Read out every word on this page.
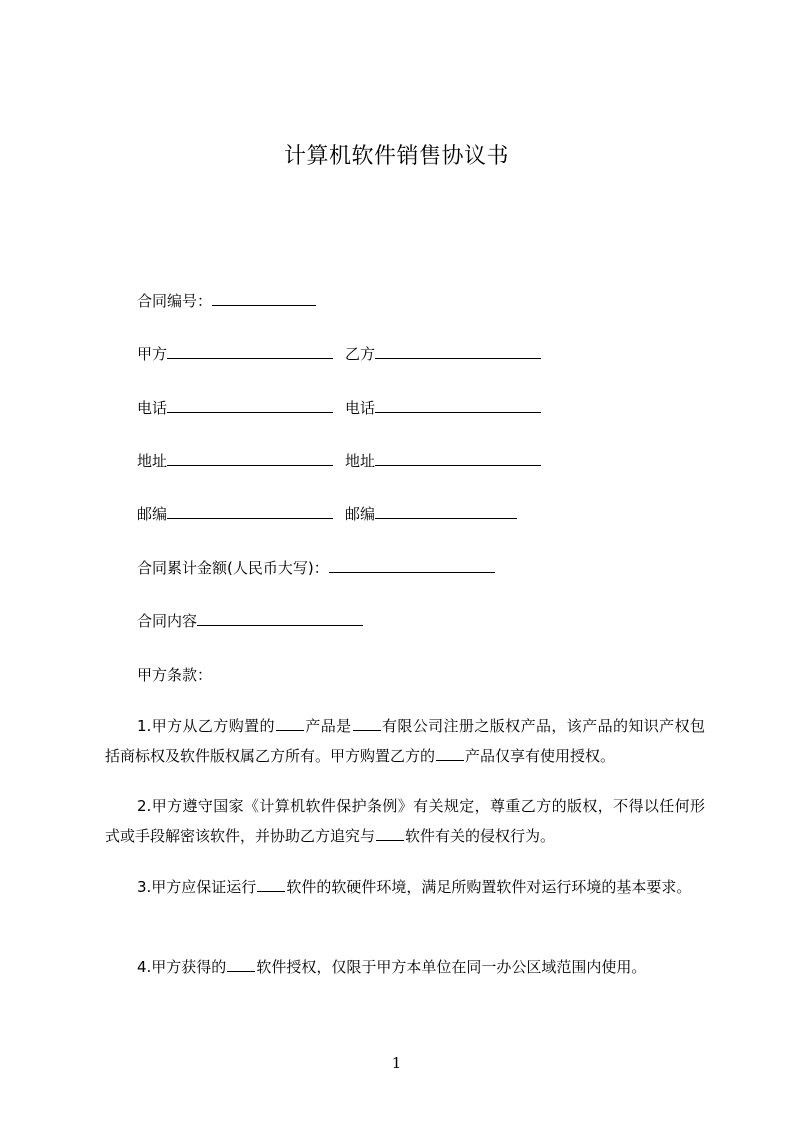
计算机软件销售协议书
合同编号：
甲方	乙方
电话	电话
地址	地址
邮编	邮编
合同累计金额(人民币大写)：
合同内容
甲方条款：
1.甲方从乙方购置的 产品是 有限公司注册之版权产品，该产品的知识产权包括商标权及软件版权属乙方所有。甲方购置乙方的 产品仅享有使用授权。
2.甲方遵守国家《计算机软件保护条例》有关规定，尊重乙方的版权，不得以任何形式或手段解密该软件，并协助乙方追究与 软件有关的侵权行为。
3.甲方应保证运行 软件的软硬件环境，满足所购置软件对运行环境的基本要求。
4.甲方获得的 软件授权，仅限于甲方本单位在同一办公区域范围内使用。
1
